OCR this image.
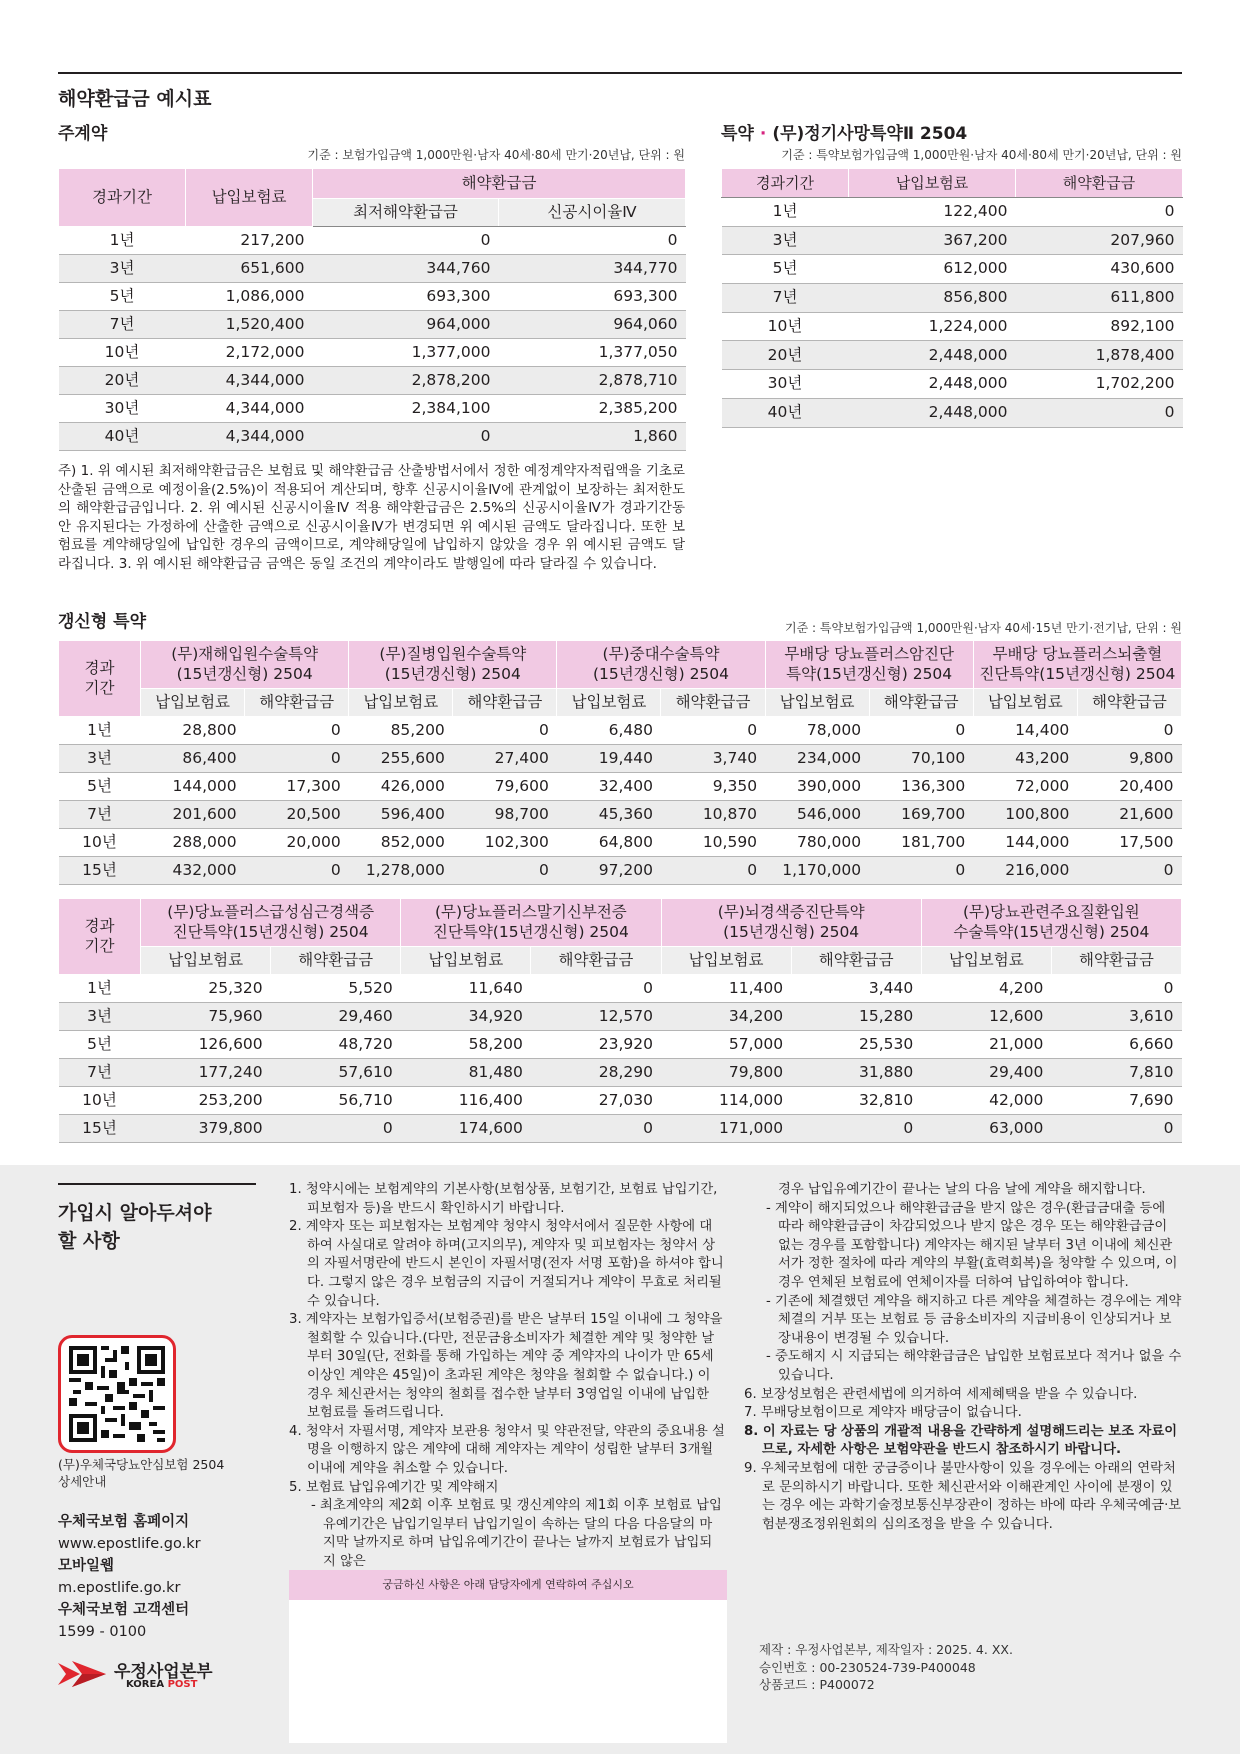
해약환급금 예시표
주계약
기준 : 보험가입금액 1,000만원·남자 40세·80세 만기·20년납, 단위 : 원
경과기간	납입보험료	해약환급금	
		최저해약환급금	신공시이율Ⅳ
1년	217,200	0	0
3년	651,600	344,760	344,770
5년	1,086,000	693,300	693,300
7년	1,520,400	964,000	964,060
10년	2,172,000	1,377,000	1,377,050
20년	4,344,000	2,878,200	2,878,710
30년	4,344,000	2,384,100	2,385,200
40년	4,344,000	0	1,860
주) 1. 위 예시된 최저해약환급금은 보험료 및 해약환급금 산출방법서에서 정한 예정계약자적립액을 기초로 산출된 금액으로 예정이율(2.5%)이 적용되어 계산되며, 향후 신공시이율Ⅳ에 관계없이 보장하는 최저한도의 해약환급금입니다. 2. 위 예시된 신공시이율Ⅳ 적용 해약환급금은 2.5%의 신공시이율Ⅳ가 경과기간동안 유지된다는 가정하에 산출한 금액으로 신공시이율Ⅳ가 변경되면 위 예시된 금액도 달라집니다. 또한 보험료를 계약해당일에 납입한 경우의 금액이므로, 계약해당일에 납입하지 않았을 경우 위 예시된 금액도 달라집니다. 3. 위 예시된 해약환급금 금액은 동일 조건의 계약이라도 발행일에 따라 달라질 수 있습니다.
특약 · (무)정기사망특약Ⅱ 2504
기준 : 특약보험가입금액 1,000만원·남자 40세·80세 만기·20년납, 단위 : 원
경과기간	납입보험료	해약환급금
1년	122,400	0
3년	367,200	207,960
5년	612,000	430,600
7년	856,800	611,800
10년	1,224,000	892,100
20년	2,448,000	1,878,400
30년	2,448,000	1,702,200
40년	2,448,000	0
갱신형 특약	기준 : 특약보험가입금액 1,000만원·남자 40세·15년 만기·전기납, 단위 : 원
경과
기간	(무)재해입원수술특약
(15년갱신형) 2504		(무)질병입원수술특약
(15년갱신형) 2504		(무)중대수술특약
(15년갱신형) 2504		무배당 당뇨플러스암진단
특약(15년갱신형) 2504		무배당 당뇨플러스뇌출혈
진단특약(15년갱신형) 2504	
	납입보험료	해약환급금	납입보험료	해약환급금	납입보험료	해약환급금	납입보험료	해약환급금	납입보험료	해약환급금
1년	28,800	0	85,200	0	6,480	0	78,000	0	14,400	0
3년	86,400	0	255,600	27,400	19,440	3,740	234,000	70,100	43,200	9,800
5년	144,000	17,300	426,000	79,600	32,400	9,350	390,000	136,300	72,000	20,400
7년	201,600	20,500	596,400	98,700	45,360	10,870	546,000	169,700	100,800	21,600
10년	288,000	20,000	852,000	102,300	64,800	10,590	780,000	181,700	144,000	17,500
15년	432,000	0	1,278,000	0	97,200	0	1,170,000	0	216,000	0
경과
기간	(무)당뇨플러스급성심근경색증
진단특약(15년갱신형) 2504		(무)당뇨플러스말기신부전증
진단특약(15년갱신형) 2504		(무)뇌경색증진단특약
(15년갱신형) 2504		(무)당뇨관련주요질환입원
수술특약(15년갱신형) 2504	
	납입보험료	해약환급금	납입보험료	해약환급금	납입보험료	해약환급금	납입보험료	해약환급금
1년	25,320	5,520	11,640	0	11,400	3,440	4,200	0
3년	75,960	29,460	34,920	12,570	34,200	15,280	12,600	3,610
5년	126,600	48,720	58,200	23,920	57,000	25,530	21,000	6,660
7년	177,240	57,610	81,480	28,290	79,800	31,880	29,400	7,810
10년	253,200	56,710	116,400	27,030	114,000	32,810	42,000	7,690
15년	379,800	0	174,600	0	171,000	0	63,000	0
가입시 알아두셔야
할 사항
(무)우체국당뇨안심보험 2504
상세안내
우체국보험 홈페이지
www.epostlife.go.kr
모바일웹
m.epostlife.go.kr
우체국보험 고객센터
1599 - 0100
우정사업본부
KOREA POST

1. 청약시에는 보험계약의 기본사항(보험상품, 보험기간, 보험료 납입기간, 피보험자 등)을 반드시 확인하시기 바랍니다.

2. 계약자 또는 피보험자는 보험계약 청약시 청약서에서 질문한 사항에 대하여 사실대로 알려야 하며(고지의무), 계약자 및 피보험자는 청약서 상의 자필서명란에 반드시 본인이 자필서명(전자 서명 포함)을 하셔야 합니다. 그렇지 않은 경우 보험금의 지급이 거절되거나 계약이 무효로 처리될 수 있습니다.

3. 계약자는 보험가입증서(보험증권)를 받은 날부터 15일 이내에 그 청약을 철회할 수 있습니다.(다만, 전문금융소비자가 체결한 계약 및 청약한 날부터 30일(단, 전화를 통해 가입하는 계약 중 계약자의 나이가 만 65세 이상인 계약은 45일)이 초과된 계약은 청약을 철회할 수 없습니다.) 이 경우 체신관서는 청약의 철회를 접수한 날부터 3영업일 이내에 납입한 보험료를 돌려드립니다.

4. 청약서 자필서명, 계약자 보관용 청약서 및 약관전달, 약관의 중요내용 설명을 이행하지 않은 계약에 대해 계약자는 계약이 성립한 날부터 3개월 이내에 계약을 취소할 수 있습니다.

5. 보험료 납입유예기간 및 계약해지

- 최초계약의 제2회 이후 보험료 및 갱신계약의 제1회 이후 보험료 납입유예기간은 납입기일부터 납입기일이 속하는 달의 다음 다음달의 마지막 날까지로 하며 납입유예기간이 끝나는 날까지 보험료가 납입되지 않은

경우 납입유예기간이 끝나는 날의 다음 날에 계약을 해지합니다.

- 계약이 해지되었으나 해약환급금을 받지 않은 경우(환급금대출 등에 따라 해약환급금이 차감되었으나 받지 않은 경우 또는 해약환급금이 없는 경우를 포함합니다) 계약자는 해지된 날부터 3년 이내에 체신관서가 정한 절차에 따라 계약의 부활(효력회복)을 청약할 수 있으며, 이 경우 연체된 보험료에 연체이자를 더하여 납입하여야 합니다.

- 기존에 체결했던 계약을 해지하고 다른 계약을 체결하는 경우에는 계약체결의 거부 또는 보험료 등 금융소비자의 지급비용이 인상되거나 보장내용이 변경될 수 있습니다.

- 중도해지 시 지급되는 해약환급금은 납입한 보험료보다 적거나 없을 수 있습니다.

6. 보장성보험은 관련세법에 의거하여 세제혜택을 받을 수 있습니다.

7. 무배당보험이므로 계약자 배당금이 없습니다.

8. 이 자료는 당 상품의 개괄적 내용을 간략하게 설명해드리는 보조 자료이므로, 자세한 사항은 보험약관을 반드시 참조하시기 바랍니다.

9. 우체국보험에 대한 궁금증이나 불만사항이 있을 경우에는 아래의 연락처로 문의하시기 바랍니다. 또한 체신관서와 이해관계인 사이에 분쟁이 있는 경우 에는 과학기술정보통신부장관이 정하는 바에 따라 우체국예금·보험분쟁조정위원회의 심의조정을 받을 수 있습니다.

궁금하신 사항은 아래 담당자에게 연락하여 주십시오
제작 : 우정사업본부, 제작일자 : 2025. 4. XX.
승인번호 : 00-230524-739-P400048
상품코드 : P400072
